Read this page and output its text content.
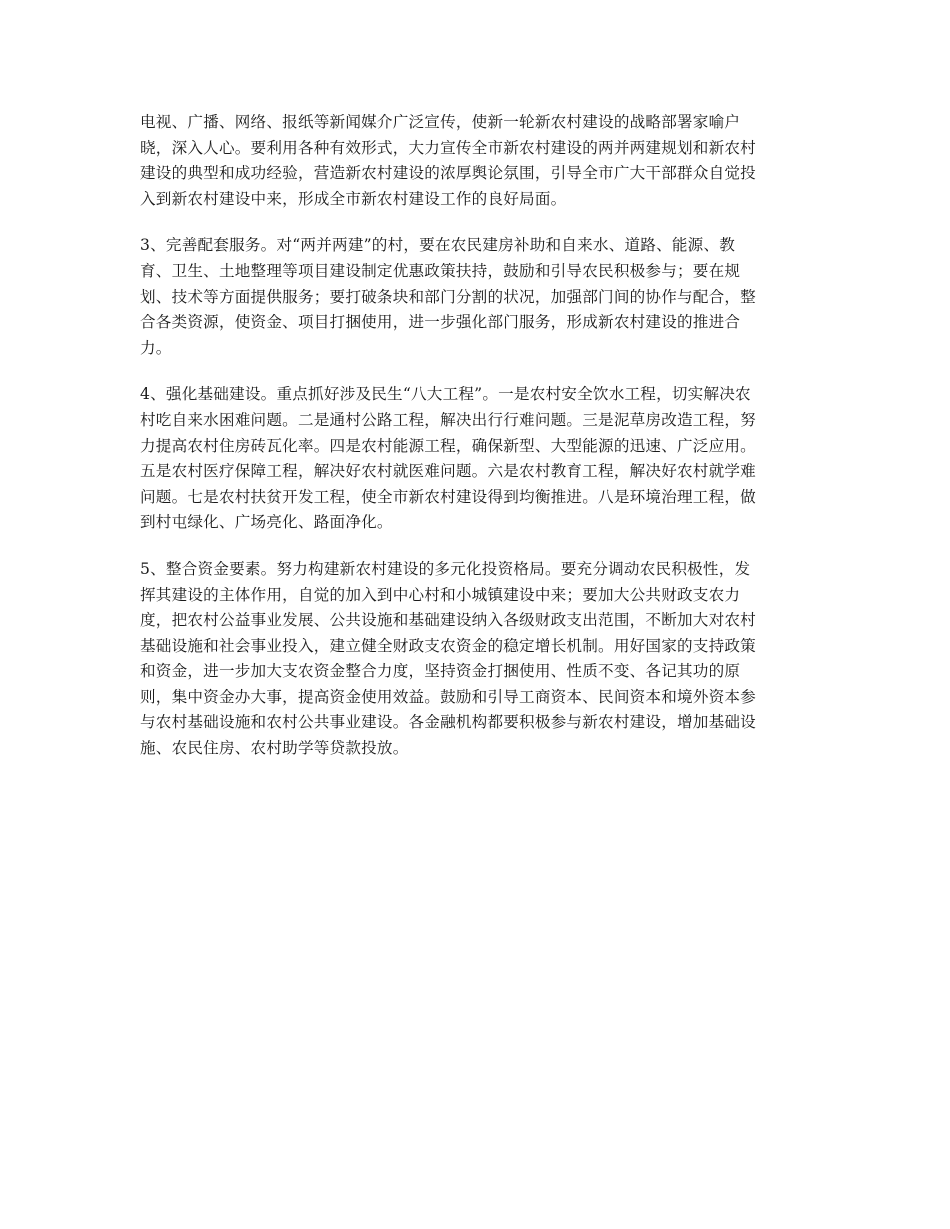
电视、广播、网络、报纸等新闻媒介广泛宣传，使新一轮新农村建设的战略部署家喻户
晓，深入人心。要利用各种有效形式，大力宣传全市新农村建设的两并两建规划和新农村
建设的典型和成功经验，营造新农村建设的浓厚舆论氛围，引导全市广大干部群众自觉投
入到新农村建设中来，形成全市新农村建设工作的良好局面。

3、完善配套服务。对“两并两建”的村，要在农民建房补助和自来水、道路、能源、教
育、卫生、土地整理等项目建设制定优惠政策扶持，鼓励和引导农民积极参与；要在规
划、技术等方面提供服务；要打破条块和部门分割的状况，加强部门间的协作与配合，整
合各类资源，使资金、项目打捆使用，进一步强化部门服务，形成新农村建设的推进合
力。

4、强化基础建设。重点抓好涉及民生“八大工程”。一是农村安全饮水工程，切实解决农
村吃自来水困难问题。二是通村公路工程，解决出行行难问题。三是泥草房改造工程，努
力提高农村住房砖瓦化率。四是农村能源工程，确保新型、大型能源的迅速、广泛应用。
五是农村医疗保障工程，解决好农村就医难问题。六是农村教育工程，解决好农村就学难
问题。七是农村扶贫开发工程，使全市新农村建设得到均衡推进。八是环境治理工程，做
到村屯绿化、广场亮化、路面净化。

5、整合资金要素。努力构建新农村建设的多元化投资格局。要充分调动农民积极性，发
挥其建设的主体作用，自觉的加入到中心村和小城镇建设中来；要加大公共财政支农力
度，把农村公益事业发展、公共设施和基础建设纳入各级财政支出范围，不断加大对农村
基础设施和社会事业投入，建立健全财政支农资金的稳定增长机制。用好国家的支持政策
和资金，进一步加大支农资金整合力度，坚持资金打捆使用、性质不变、各记其功的原
则，集中资金办大事，提高资金使用效益。鼓励和引导工商资本、民间资本和境外资本参
与农村基础设施和农村公共事业建设。各金融机构都要积极参与新农村建设，增加基础设
施、农民住房、农村助学等贷款投放。
